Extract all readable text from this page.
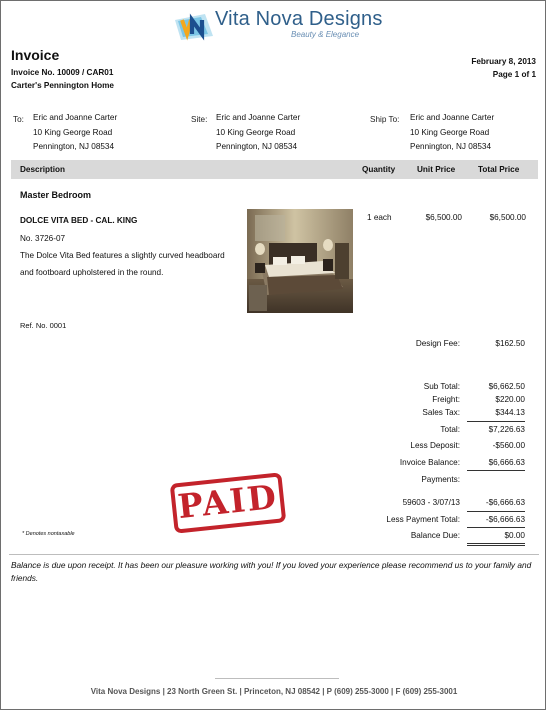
Vita Nova Designs
Beauty & Elegance
Invoice
Invoice No. 10009 / CAR01
Carter's Pennington Home
February 8, 2013
Page 1 of 1
To: Eric and Joanne Carter
10 King George Road
Pennington, NJ 08534
Site: Eric and Joanne Carter
10 King George Road
Pennington, NJ 08534
Ship To: Eric and Joanne Carter
10 King George Road
Pennington, NJ 08534
Description	Quantity	Unit Price	Total Price
Master Bedroom
DOLCE VITA BED - CAL. KING
No. 3726-07
The Dolce Vita Bed features a slightly curved headboard and footboard upholstered in the round.
Ref. No. 0001
1 each	$6,500.00	$6,500.00
Design Fee:	$162.50
Sub Total:	$6,662.50
Freight:	$220.00
Sales Tax:	$344.13
Total:	$7,226.63
Less Deposit:	-$560.00
Invoice Balance:	$6,666.63
Payments:
59603 - 3/07/13	-$6,666.63
Less Payment Total:	-$6,666.63
Balance Due:	$0.00
PAID
* Denotes nontaxable
Balance is due upon receipt. It has been our pleasure working with you! If you loved your experience please recommend us to your family and friends.
Vita Nova Designs | 23 North Green St. | Princeton, NJ 08542 | P (609) 255-3000 | F (609) 255-3001
